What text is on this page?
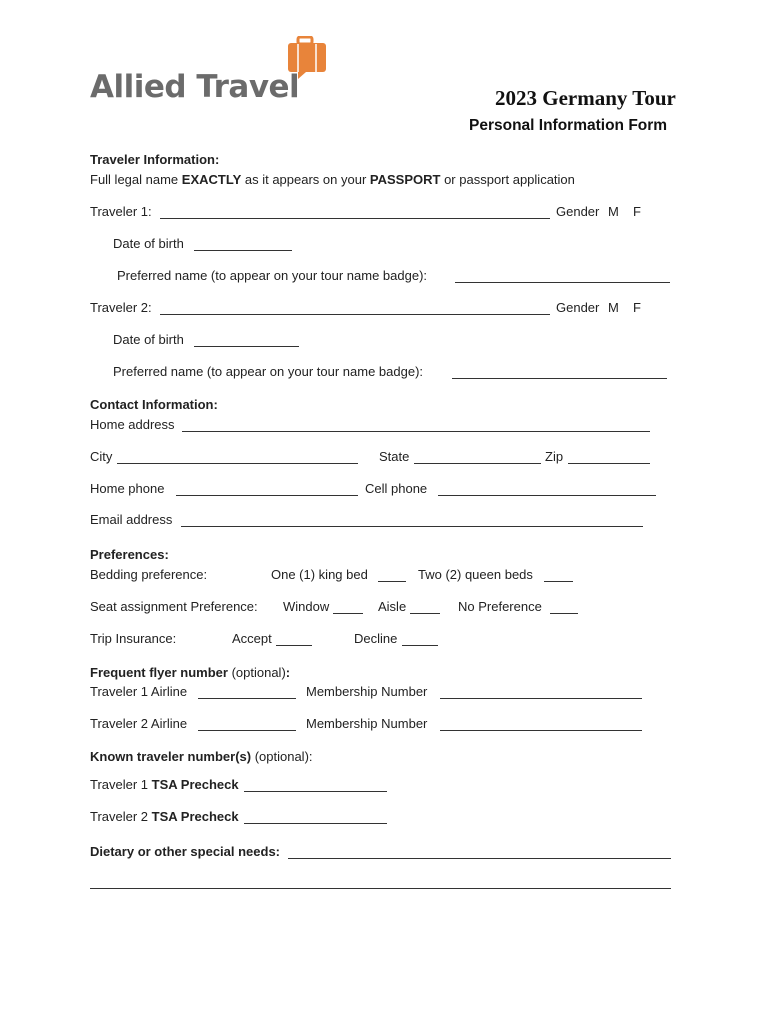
Allied Travel	2023 Germany Tour
Personal Information Form
Traveler Information:
Full legal name EXACTLY as it appears on your PASSPORT or passport application
Traveler 1:	Gender M F
Date of birth
Preferred name (to appear on your tour name badge):
Traveler 2:	Gender M F
Date of birth
Preferred name (to appear on your tour name badge):
Contact Information:
Home address
City	State	Zip
Home phone	Cell phone
Email address
Preferences:
Bedding preference:	One (1) king bed	Two (2) queen beds
Seat assignment Preference: Window	Aisle	No Preference
Trip Insurance:	Accept	Decline
Frequent flyer number (optional):
Traveler 1 Airline	Membership Number
Traveler 2 Airline	Membership Number
Known traveler number(s) (optional):
Traveler 1 TSA Precheck
Traveler 2 TSA Precheck
Dietary or other special needs:
